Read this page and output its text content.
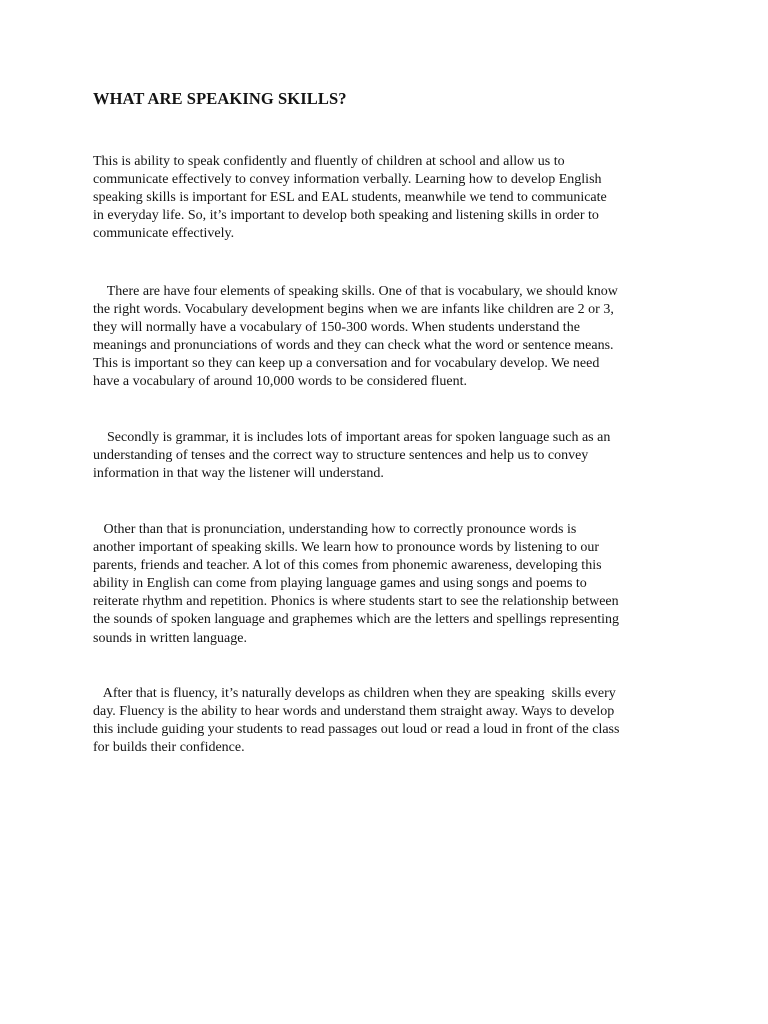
WHAT ARE SPEAKING SKILLS?
This is ability to speak confidently and fluently of children at school and allow us to
communicate effectively to convey information verbally. Learning how to develop English
speaking skills is important for ESL and EAL students, meanwhile we tend to communicate
in everyday life. So, it’s important to develop both speaking and listening skills in order to
communicate effectively.
There are have four elements of speaking skills. One of that is vocabulary, we should know
the right words. Vocabulary development begins when we are infants like children are 2 or 3,
they will normally have a vocabulary of 150-300 words. When students understand the
meanings and pronunciations of words and they can check what the word or sentence means.
This is important so they can keep up a conversation and for vocabulary develop. We need
have a vocabulary of around 10,000 words to be considered fluent.
Secondly is grammar, it is includes lots of important areas for spoken language such as an
understanding of tenses and the correct way to structure sentences and help us to convey
information in that way the listener will understand.
Other than that is pronunciation, understanding how to correctly pronounce words is
another important of speaking skills. We learn how to pronounce words by listening to our
parents, friends and teacher. A lot of this comes from phonemic awareness, developing this
ability in English can come from playing language games and using songs and poems to
reiterate rhythm and repetition. Phonics is where students start to see the relationship between
the sounds of spoken language and graphemes which are the letters and spellings representing
sounds in written language.
After that is fluency, it’s naturally develops as children when they are speaking  skills every
day. Fluency is the ability to hear words and understand them straight away. Ways to develop
this include guiding your students to read passages out loud or read a loud in front of the class
for builds their confidence.
